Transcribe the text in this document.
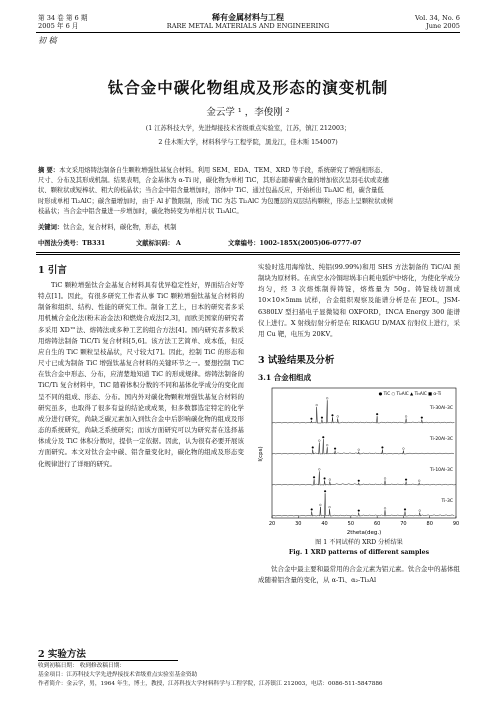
第 34 卷 第 6 期
2005 年 6 月
稀有金属材料与工程
RARE METAL MATERIALS AND ENGINEERING
Vol. 34, No. 6
June 2005
初 稿
钛合金中碳化物组成及形态的演变机制
金云学 ¹ ，李俊刚 ²
(1 江苏科技大学，先进焊接技术省级重点实验室，江苏，镇江 212003；
2 佳木斯大学，材料科学与工程学院，黑龙江，佳木斯 154007)
摘 要：本文采用熔铸法制备自生颗粒增强钛基复合材料。利用 SEM、EDA、TEM、XRD 等手段，系统研究了增强相形态、
尺寸、分布及其形成机制。结果表明，合金基体为 α-Ti 时，碳化物为单相 TiC，其形态随着碳含量的增加依次呈羽毛状或麦穗
状、颗粒状或短棒状、粗大的枝晶状；当合金中铝含量增加时，溶体中 TiC、通过包晶反应，开始析出 Ti₂AlC 相，碳含量低
时形成单相 Ti₂AlC；碳含量增加时，由于 Al 扩散限制，形成 TiC 为芯 Ti₂AlC 为包覆层的双层结构颗粒，形态上呈颗粒状或树
枝晶状；当合金中铝含量进一步增加时，碳化物转变为单相片状 Ti₃AlC。
关键词：钛合金，复合材料，碳化物，形态，机制
中图法分类号：TB331	文献标识码： A	文章编号：1002-185X(2005)06-0777-07
1 引言
TiC 颗粒增强钛合金基复合材料具有优异稳定性好，界面结合好等特点[1]。因此，有很多研究工作者从事 TiC 颗粒增强钛基复合材料的制备和组织、结构、性能的研究工作。制备工艺上，日本的研究者多采用机械合金化法(粉末冶金法)和燃烧合成法[2,3]，而欧美国家的研究者多采用 XD™法、熔铸法或多种工艺的组合方法[4]。国内研究者多数采用熔铸法制备 TiC/Ti 复合材料[5,6]。该方法工艺简单、成本低，但反应自生的 TiC 颗粒呈枝晶状，尺寸较大[7]。因此，控制 TiC 的形态和尺寸已成为制备 TiC 增强钛基复合材料的关键环节之一。要想控制 TiC 在钛合金中形态、分布，应清楚地知道 TiC 的形成规律。熔铸法制备的 TiC/Ti 复合材料中，TiC 随着体积分数的不同和基体化学成分的变化而呈不同的组成、形态、分布。国内外对碳化物颗粒增强钛基复合材料的研究虽多，也取得了很多有益的结论或成果，但多数都选定特定的化学成分进行研究，尚缺乏碳元素加入到钛合金中后影响碳化物的组成及形态的系统研究，尚缺乏系统研究；而该方面研究可以为研究者在选择基体成分及 TiC 体积分数时，提供一定依据。因此，认为很有必要开展该方面研究。本文对钛合金中碳、铝含量变化时，碳化物的组成及形态变化规律进行了详细的研究。
2 实验方法
收到初稿日期： 收到修改稿日期：
基金项目：江苏科技大学先进焊接技术省级重点实验室基金资助
作者简介：金云学，男，1964 年生，博士，教授，江苏科技大学材料科学与工程学院，江苏镇江 212003，电话：0086-511-5847886
实验时选用海绵钛、纯铝(99.99%)和用 SHS 方法制备的 TiC/Al 预制块为原材料。在真空水冷铜坩埚非自耗电弧炉中熔化，为使化学成分均匀，经 3 次熔炼制得铸锭，熔炼量为 50g。铸锭线切割成 10×10×5mm 试样，合金组织观察及能谱分析是在 JEOL，JSM-6380LV 型扫描电子显微镜和 OXFORD，INCA Energy 300 能谱仪上进行。X 射线衍射分析是在 RIKAGU D/MAX 衍射仪上进行，采用 Cu 靶，电压为 20KV。
3 试验结果及分析
3.1 合金相组成
I(cps)
2theta(deg.)
20	30	40	50	60	70	80	90
Ti-30Al-3C
Ti-20Al-3C
Ti-10Al-3C
Ti-3C
● TiC ○ Ti₂AlC ▲ Ti₃AlC ■ α-Ti
图 1 不同试样的 XRD 分析结果
Fig. 1 XRD patterns of different samples
钛合金中最主要和最常用的合金元素为铝元素。钛合金中的基体组成随着铝含量的变化，从 α-Ti、α₂-Ti₃Al
